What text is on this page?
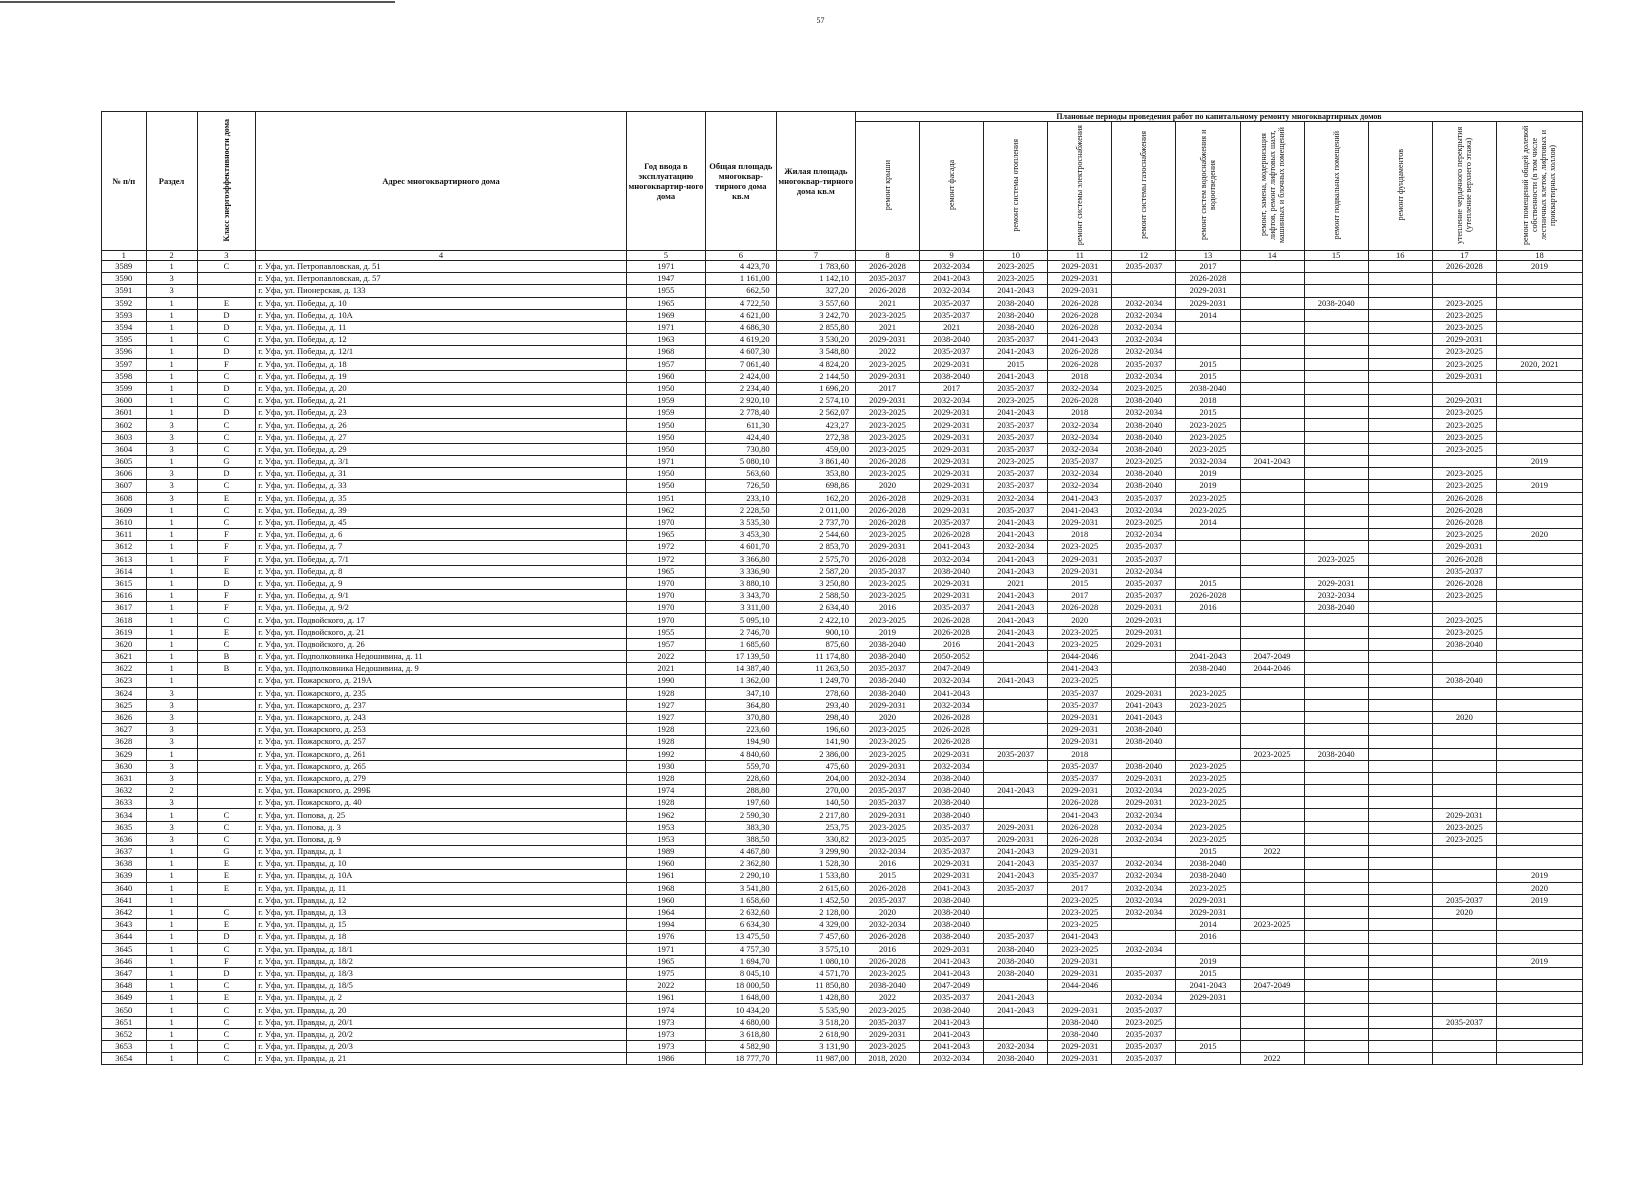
57
№ п/п	Раздел	Класс энергоэффективности дома	Адрес многоквартирного дома	Год ввода в эксплуатацию многоквартир-ного дома	Общая площадь многоквар-тирного дома кв.м	Жилая площадь многоквар-тирного дома кв.м	Плановые периоды проведения работ по капитальному ремонту многоквартирных домов										
							ремонт крыши	ремонт фасада	ремонт системы отопления	ремонт системы электроснабжения	ремонт системы газоснабжения	ремонт систем водоснабжения и водоотведения	ремонт, замена, модернизация лифтов, ремонт лифтовых шахт, машинных и блочных помещений	ремонт подвальных помещений	ремонт фундаментов	утепление чердачного перекрытия (утепление верхнего этажа)	ремонт помещений общей долевой собственности (в том числе лестничных клеток, лифтовых и приквартирных холлов)
1	2	3	4	5	6	7	8	9	10	11	12	13	14	15	16	17	18
3589	1	C	г. Уфа, ул. Петропавловская, д. 51	1971	4 423,70	1 783,60	2026-2028	2032-2034	2023-2025	2029-2031	2035-2037	2017				2026-2028	2019
3590	3		г. Уфа, ул. Петропавловская, д. 57	1947	1 161,00	1 142,10	2035-2037	2041-2043	2023-2025	2029-2031		2026-2028					
3591	3		г. Уфа, ул. Пионерская, д. 133	1955	662,50	327,20	2026-2028	2032-2034	2041-2043	2029-2031		2029-2031					
3592	1	E	г. Уфа, ул. Победы, д. 10	1965	4 722,50	3 557,60	2021	2035-2037	2038-2040	2026-2028	2032-2034	2029-2031		2038-2040		2023-2025	
3593	1	D	г. Уфа, ул. Победы, д. 10А	1969	4 621,00	3 242,70	2023-2025	2035-2037	2038-2040	2026-2028	2032-2034	2014				2023-2025	
3594	1	D	г. Уфа, ул. Победы, д. 11	1971	4 686,30	2 855,80	2021	2021	2038-2040	2026-2028	2032-2034					2023-2025	
3595	1	C	г. Уфа, ул. Победы, д. 12	1963	4 619,20	3 530,20	2029-2031	2038-2040	2035-2037	2041-2043	2032-2034					2029-2031	
3596	1	D	г. Уфа, ул. Победы, д. 12/1	1968	4 607,30	3 548,80	2022	2035-2037	2041-2043	2026-2028	2032-2034					2023-2025	
3597	1	F	г. Уфа, ул. Победы, д. 18	1957	7 061,40	4 824,20	2023-2025	2029-2031	2015	2026-2028	2035-2037	2015				2023-2025	2020, 2021
3598	1	C	г. Уфа, ул. Победы, д. 19	1960	2 424,00	2 144,50	2029-2031	2038-2040	2041-2043	2018	2032-2034	2015				2029-2031	
3599	1	D	г. Уфа, ул. Победы, д. 20	1950	2 234,40	1 696,20	2017	2017	2035-2037	2032-2034	2023-2025	2038-2040					
3600	1	C	г. Уфа, ул. Победы, д. 21	1959	2 920,10	2 574,10	2029-2031	2032-2034	2023-2025	2026-2028	2038-2040	2018				2029-2031	
3601	1	D	г. Уфа, ул. Победы, д. 23	1959	2 778,40	2 562,07	2023-2025	2029-2031	2041-2043	2018	2032-2034	2015				2023-2025	
3602	3	C	г. Уфа, ул. Победы, д. 26	1950	611,30	423,27	2023-2025	2029-2031	2035-2037	2032-2034	2038-2040	2023-2025				2023-2025	
3603	3	C	г. Уфа, ул. Победы, д. 27	1950	424,40	272,38	2023-2025	2029-2031	2035-2037	2032-2034	2038-2040	2023-2025				2023-2025	
3604	3	C	г. Уфа, ул. Победы, д. 29	1950	730,80	459,00	2023-2025	2029-2031	2035-2037	2032-2034	2038-2040	2023-2025				2023-2025	
3605	1	G	г. Уфа, ул. Победы, д. 3/1	1971	5 080,10	3 861,40	2026-2028	2029-2031	2023-2025	2035-2037	2023-2025	2032-2034	2041-2043				2019
3606	3	D	г. Уфа, ул. Победы, д. 31	1950	563,60	353,80	2023-2025	2029-2031	2035-2037	2032-2034	2038-2040	2019				2023-2025	
3607	3	C	г. Уфа, ул. Победы, д. 33	1950	726,50	698,86	2020	2029-2031	2035-2037	2032-2034	2038-2040	2019				2023-2025	2019
3608	3	E	г. Уфа, ул. Победы, д. 35	1951	233,10	162,20	2026-2028	2029-2031	2032-2034	2041-2043	2035-2037	2023-2025				2026-2028	
3609	1	C	г. Уфа, ул. Победы, д. 39	1962	2 228,50	2 011,00	2026-2028	2029-2031	2035-2037	2041-2043	2032-2034	2023-2025				2026-2028	
3610	1	C	г. Уфа, ул. Победы, д. 45	1970	3 535,30	2 737,70	2026-2028	2035-2037	2041-2043	2029-2031	2023-2025	2014				2026-2028	
3611	1	F	г. Уфа, ул. Победы, д. 6	1965	3 453,30	2 544,60	2023-2025	2026-2028	2041-2043	2018	2032-2034					2023-2025	2020
3612	1	F	г. Уфа, ул. Победы, д. 7	1972	4 601,70	2 853,70	2029-2031	2041-2043	2032-2034	2023-2025	2035-2037					2029-2031	
3613	1	F	г. Уфа, ул. Победы, д. 7/1	1972	3 366,80	2 575,70	2026-2028	2032-2034	2041-2043	2029-2031	2035-2037			2023-2025		2026-2028	
3614	1	E	г. Уфа, ул. Победы, д. 8	1965	3 336,90	2 587,20	2035-2037	2038-2040	2041-2043	2029-2031	2032-2034					2035-2037	
3615	1	D	г. Уфа, ул. Победы, д. 9	1970	3 880,10	3 250,80	2023-2025	2029-2031	2021	2015	2035-2037	2015		2029-2031		2026-2028	
3616	1	F	г. Уфа, ул. Победы, д. 9/1	1970	3 343,70	2 588,50	2023-2025	2029-2031	2041-2043	2017	2035-2037	2026-2028		2032-2034		2023-2025	
3617	1	F	г. Уфа, ул. Победы, д. 9/2	1970	3 311,00	2 634,40	2016	2035-2037	2041-2043	2026-2028	2029-2031	2016		2038-2040			
3618	1	C	г. Уфа, ул. Подвойского, д. 17	1970	5 095,10	2 422,10	2023-2025	2026-2028	2041-2043	2020	2029-2031					2023-2025	
3619	1	E	г. Уфа, ул. Подвойского, д. 21	1955	2 746,70	900,10	2019	2026-2028	2041-2043	2023-2025	2029-2031					2023-2025	
3620	1	C	г. Уфа, ул. Подвойского, д. 26	1957	1 685,60	875,60	2038-2040	2016	2041-2043	2023-2025	2029-2031					2038-2040	
3621	1	B	г. Уфа, ул. Подполковника Недошивина, д. 11	2022	17 139,50	11 174,80	2038-2040	2050-2052		2044-2046		2041-2043	2047-2049				
3622	1	B	г. Уфа, ул. Подполковника Недошивина, д. 9	2021	14 387,40	11 263,50	2035-2037	2047-2049		2041-2043		2038-2040	2044-2046				
3623	1		г. Уфа, ул. Пожарского, д. 219А	1990	1 362,00	1 249,70	2038-2040	2032-2034	2041-2043	2023-2025						2038-2040	
3624	3		г. Уфа, ул. Пожарского, д. 235	1928	347,10	278,60	2038-2040	2041-2043		2035-2037	2029-2031	2023-2025					
3625	3		г. Уфа, ул. Пожарского, д. 237	1927	364,80	293,40	2029-2031	2032-2034		2035-2037	2041-2043	2023-2025					
3626	3		г. Уфа, ул. Пожарского, д. 243	1927	370,80	298,40	2020	2026-2028		2029-2031	2041-2043					2020	
3627	3		г. Уфа, ул. Пожарского, д. 253	1928	223,60	196,60	2023-2025	2026-2028		2029-2031	2038-2040						
3628	3		г. Уфа, ул. Пожарского, д. 257	1928	194,90	141,90	2023-2025	2026-2028		2029-2031	2038-2040						
3629	1		г. Уфа, ул. Пожарского, д. 261	1992	4 840,60	2 386,00	2023-2025	2029-2031	2035-2037	2018			2023-2025	2038-2040			
3630	3		г. Уфа, ул. Пожарского, д. 265	1930	559,70	475,60	2029-2031	2032-2034		2035-2037	2038-2040	2023-2025					
3631	3		г. Уфа, ул. Пожарского, д. 279	1928	228,60	204,00	2032-2034	2038-2040		2035-2037	2029-2031	2023-2025					
3632	2		г. Уфа, ул. Пожарского, д. 299Б	1974	288,80	270,00	2035-2037	2038-2040	2041-2043	2029-2031	2032-2034	2023-2025					
3633	3		г. Уфа, ул. Пожарского, д. 40	1928	197,60	140,50	2035-2037	2038-2040		2026-2028	2029-2031	2023-2025					
3634	1	C	г. Уфа, ул. Попова, д. 25	1962	2 590,30	2 217,80	2029-2031	2038-2040		2041-2043	2032-2034					2029-2031	
3635	3	C	г. Уфа, ул. Попова, д. 3	1953	383,30	253,75	2023-2025	2035-2037	2029-2031	2026-2028	2032-2034	2023-2025				2023-2025	
3636	3	C	г. Уфа, ул. Попова, д. 9	1953	388,50	330,82	2023-2025	2035-2037	2029-2031	2026-2028	2032-2034	2023-2025				2023-2025	
3637	1	G	г. Уфа, ул. Правды, д. 1	1989	4 467,80	3 299,90	2032-2034	2035-2037	2041-2043	2029-2031		2015	2022				
3638	1	E	г. Уфа, ул. Правды, д. 10	1960	2 362,80	1 528,30	2016	2029-2031	2041-2043	2035-2037	2032-2034	2038-2040					
3639	1	E	г. Уфа, ул. Правды, д. 10А	1961	2 290,10	1 533,80	2015	2029-2031	2041-2043	2035-2037	2032-2034	2038-2040					2019
3640	1	E	г. Уфа, ул. Правды, д. 11	1968	3 541,80	2 615,60	2026-2028	2041-2043	2035-2037	2017	2032-2034	2023-2025					2020
3641	1		г. Уфа, ул. Правды, д. 12	1960	1 658,60	1 452,50	2035-2037	2038-2040		2023-2025	2032-2034	2029-2031				2035-2037	2019
3642	1	C	г. Уфа, ул. Правды, д. 13	1964	2 632,60	2 128,00	2020	2038-2040		2023-2025	2032-2034	2029-2031				2020	
3643	1	E	г. Уфа, ул. Правды, д. 15	1994	6 634,30	4 329,00	2032-2034	2038-2040		2023-2025		2014	2023-2025				
3644	1	D	г. Уфа, ул. Правды, д. 18	1976	13 475,50	7 457,60	2026-2028	2038-2040	2035-2037	2041-2043		2016					
3645	1	C	г. Уфа, ул. Правды, д. 18/1	1971	4 757,30	3 575,10	2016	2029-2031	2038-2040	2023-2025	2032-2034						
3646	1	F	г. Уфа, ул. Правды, д. 18/2	1965	1 694,70	1 080,10	2026-2028	2041-2043	2038-2040	2029-2031		2019					2019
3647	1	D	г. Уфа, ул. Правды, д. 18/3	1975	8 045,10	4 571,70	2023-2025	2041-2043	2038-2040	2029-2031	2035-2037	2015					
3648	1	C	г. Уфа, ул. Правды, д. 18/5	2022	18 000,50	11 850,80	2038-2040	2047-2049		2044-2046		2041-2043	2047-2049				
3649	1	E	г. Уфа, ул. Правды, д. 2	1961	1 648,00	1 428,80	2022	2035-2037	2041-2043		2032-2034	2029-2031					
3650	1	C	г. Уфа, ул. Правды, д. 20	1974	10 434,20	5 535,90	2023-2025	2038-2040	2041-2043	2029-2031	2035-2037						
3651	1	C	г. Уфа, ул. Правды, д. 20/1	1973	4 680,00	3 518,20	2035-2037	2041-2043		2038-2040	2023-2025					2035-2037	
3652	1	C	г. Уфа, ул. Правды, д. 20/2	1973	3 618,80	2 618,90	2029-2031	2041-2043		2038-2040	2035-2037						
3653	1	C	г. Уфа, ул. Правды, д. 20/3	1973	4 582,90	3 131,90	2023-2025	2041-2043	2032-2034	2029-2031	2035-2037	2015					
3654	1	C	г. Уфа, ул. Правды, д. 21	1986	18 777,70	11 987,00	2018, 2020	2032-2034	2038-2040	2029-2031	2035-2037		2022				
